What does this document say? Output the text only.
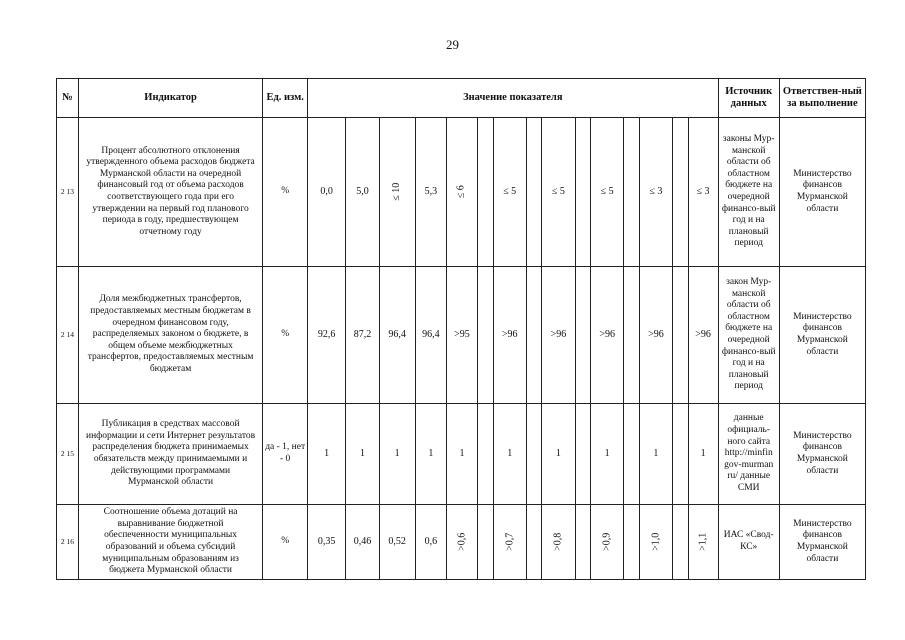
29
№	Индикатор	Ед. изм.	Значение показателя															Источник данных	Ответствен-ный за выполнение
2 13	Процент абсолютного отклонения утвержденного объема расходов бюджета Мурманской области на очередной финансовый год от объема расходов соответствующего года при его утверждении на первый год планового периода в году, предшествующем отчетному году	%	0,0	5,0	≤ 10	5,3	≤ 6		≤ 5		≤ 5		≤ 5		≤ 3		≤ 3	законы Мур-манской области об областном бюджете на очередной финансо-вый год и на плановый период	Министерство финансов Мурманской области
2 14	Доля межбюджетных трансфертов, предоставляемых местным бюджетам в очередном финансовом году, распределяемых законом о бюджете, в общем объеме межбюджетных трансфертов, предоставляемых местным бюджетам	%	92,6	87,2	96,4	96,4	>95		>96		>96		>96		>96		>96	закон Мур-манской области об областном бюджете на очередной финансо-вый год и на плановый период	Министерство финансов Мурманской области
2 15	Публикация в средствах массовой информации и сети Интернет результатов распределения бюджета принимаемых обязательств между принимаемыми и действующими программами Мурманской области	да - 1, нет - 0	1	1	1	1	1		1		1		1		1		1	данные официаль-ного сайта http://minfin gov-murman ru/ данные СМИ	Министерство финансов Мурманской области
2 16	Соотношение объема дотаций на выравнивание бюджетной обеспеченности муниципальных образований и объема субсидий муниципальным образованиям из бюджета Мурманской области	%	0,35	0,46	0,52	0,6	>0,6		>0,7		>0,8		>0,9		>1,0		>1,1	ИАС «Свод-КС»	Министерство финансов Мурманской области
